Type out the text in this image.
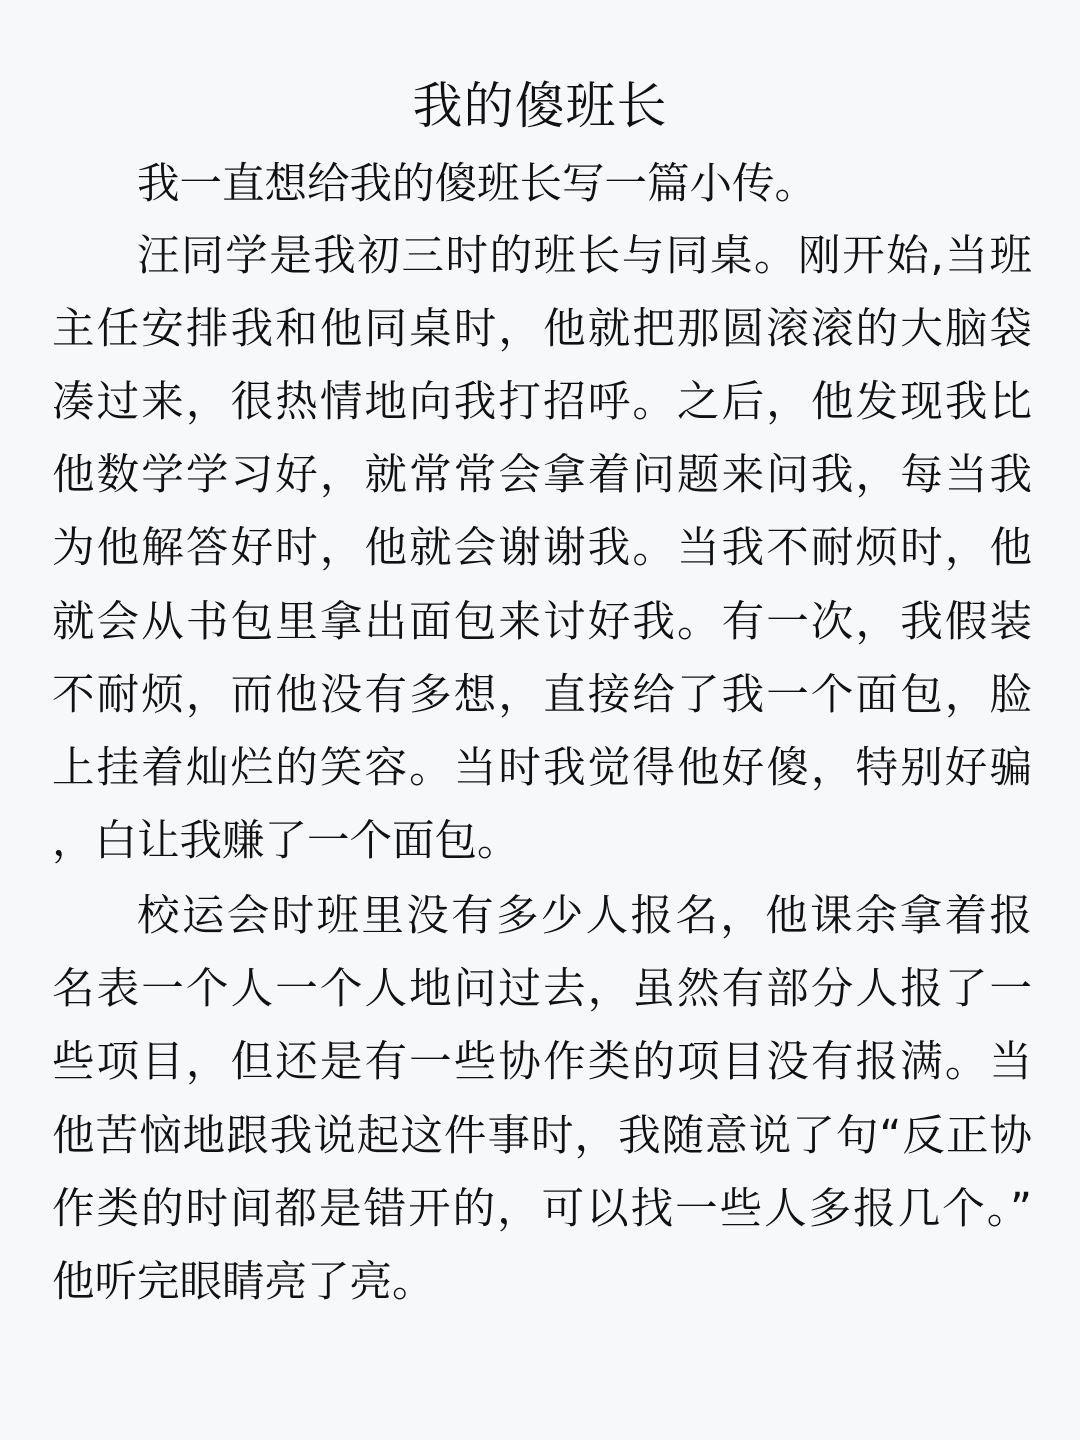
我的傻班长

我一直想给我的傻班长写一篇小传。

汪同学是我初三时的班长与同桌。刚开始,当班

主任安排我和他同桌时，他就把那圆滚滚的大脑袋

凑过来，很热情地向我打招呼。之后，他发现我比

他数学学习好，就常常会拿着问题来问我，每当我

为他解答好时，他就会谢谢我。当我不耐烦时，他

就会从书包里拿出面包来讨好我。有一次，我假装

不耐烦，而他没有多想，直接给了我一个面包，脸

上挂着灿烂的笑容。当时我觉得他好傻，特别好骗

，白让我赚了一个面包。

校运会时班里没有多少人报名，他课余拿着报

名表一个人一个人地问过去，虽然有部分人报了一

些项目，但还是有一些协作类的项目没有报满。当

他苦恼地跟我说起这件事时，我随意说了句“反正协

作类的时间都是错开的，可以找一些人多报几个。”

他听完眼睛亮了亮。
